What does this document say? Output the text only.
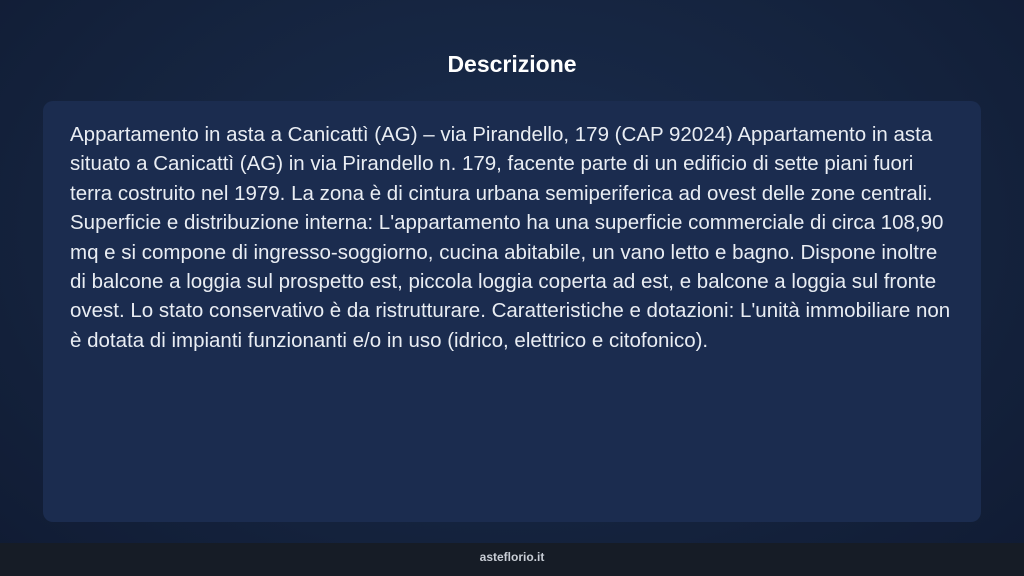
Descrizione

Appartamento in asta a Canicattì (AG) – via Pirandello, 179 (CAP 92024) Appartamento in asta situato a Canicattì (AG) in via Pirandello n. 179, facente parte di un edificio di sette piani fuori terra costruito nel 1979. La zona è di cintura urbana semiperiferica ad ovest delle zone centrali. Superficie e distribuzione interna: L'appartamento ha una superficie commerciale di circa 108,90 mq e si compone di ingresso-soggiorno, cucina abitabile, un vano letto e bagno. Dispone inoltre di balcone a loggia sul prospetto est, piccola loggia coperta ad est, e balcone a loggia sul fronte ovest. Lo stato conservativo è da ristrutturare. Caratteristiche e dotazioni: L'unità immobiliare non è dotata di impianti funzionanti e/o in uso (idrico, elettrico e citofonico).

asteflorio.it
